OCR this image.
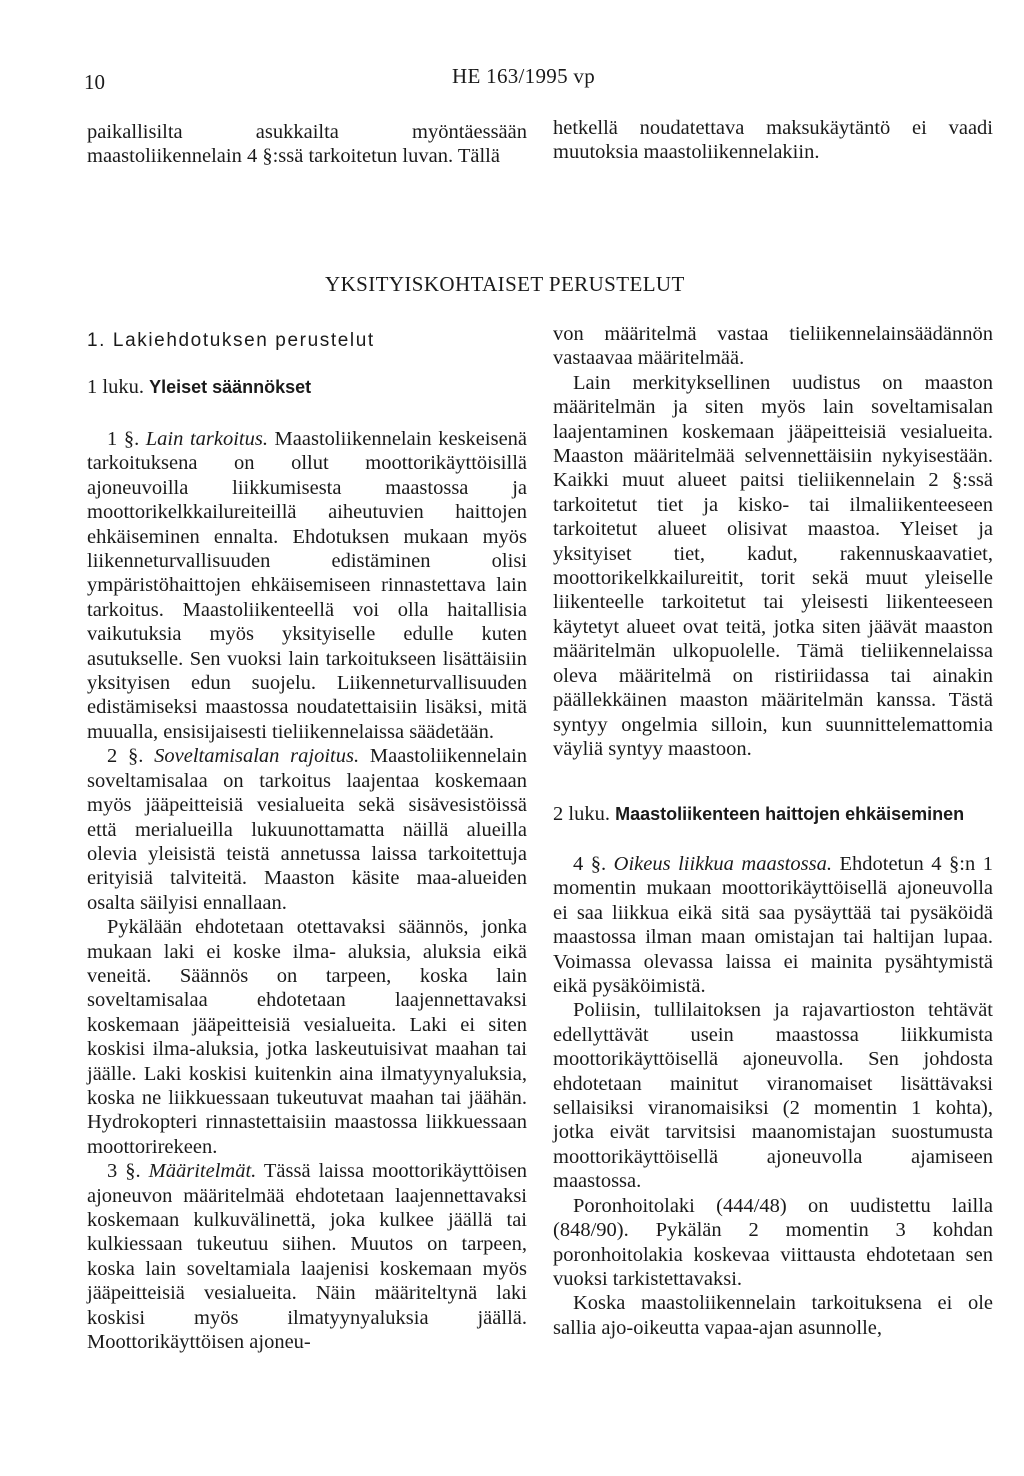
10	HE 163/1995 vp

paikallisilta asukkailta myöntäessään maastoliikennelain 4 §:ssä tarkoitetun luvan. Tällä

hetkellä noudatettava maksukäytäntö ei vaadi muutoksia maastoliikennelakiin.

YKSITYISKOHTAISET PERUSTELUT
1. Lakiehdotuksen perustelut
1 luku. Yleiset säännökset

1 §. Lain tarkoitus. Maastoliikennelain keskeisenä tarkoituksena on ollut moottorikäyttöisillä ajoneuvoilla liikkumisesta maastossa ja moottorikelkkailureiteillä aiheutuvien haittojen ehkäiseminen ennalta. Ehdotuksen mukaan myös liikenneturvallisuuden edistäminen olisi ympäristöhaittojen ehkäisemiseen rinnastettava lain tarkoitus. Maastoliikenteellä voi olla haitallisia vaikutuksia myös yksityiselle edulle kuten asutukselle. Sen vuoksi lain tarkoitukseen lisättäisiin yksityisen edun suojelu. Liikenneturvallisuuden edistämiseksi maastossa noudatettaisiin lisäksi, mitä muualla, ensisijaisesti tieliikennelaissa säädetään.

2 §. Soveltamisalan rajoitus. Maastoliikennelain soveltamisalaa on tarkoitus laajentaa koskemaan myös jääpeitteisiä vesialueita sekä sisävesistöissä että merialueilla lukuunottamatta näillä alueilla olevia yleisistä teistä annetussa laissa tarkoitettuja erityisiä talviteitä. Maaston käsite maa-alueiden osalta säilyisi ennallaan.

Pykälään ehdotetaan otettavaksi säännös, jonka mukaan laki ei koske ilma- aluksia, aluksia eikä veneitä. Säännös on tarpeen, koska lain soveltamisalaa ehdotetaan laajennettavaksi koskemaan jääpeitteisiä vesialueita. Laki ei siten koskisi ilma-aluksia, jotka laskeutuisivat maahan tai jäälle. Laki koskisi kuitenkin aina ilmatyynyaluksia, koska ne liikkuessaan tukeutuvat maahan tai jäähän. Hydrokopteri rinnastettaisiin maastossa liikkuessaan moottorirekeen.

3 §. Määritelmät. Tässä laissa moottorikäyttöisen ajoneuvon määritelmää ehdotetaan laajennettavaksi koskemaan kulkuvälinettä, joka kulkee jäällä tai kulkiessaan tukeutuu siihen. Muutos on tarpeen, koska lain soveltamiala laajenisi koskemaan myös jääpeitteisiä vesialueita. Näin määriteltynä laki koskisi myös ilmatyynyaluksia jäällä. Moottorikäyttöisen ajoneu-

von määritelmä vastaa tieliikennelainsäädännön vastaavaa määritelmää.

Lain merkityksellinen uudistus on maaston määritelmän ja siten myös lain soveltamisalan laajentaminen koskemaan jääpeitteisiä vesialueita. Maaston määritelmää selvennettäisiin nykyisestään. Kaikki muut alueet paitsi tieliikennelain 2 §:ssä tarkoitetut tiet ja kisko- tai ilmaliikenteeseen tarkoitetut alueet olisivat maastoa. Yleiset ja yksityiset tiet, kadut, rakennuskaavatiet, moottorikelkkailureitit, torit sekä muut yleiselle liikenteelle tarkoitetut tai yleisesti liikenteeseen käytetyt alueet ovat teitä, jotka siten jäävät maaston määritelmän ulkopuolelle. Tämä tieliikennelaissa oleva määritelmä on ristiriidassa tai ainakin päällekkäinen maaston määritelmän kanssa. Tästä syntyy ongelmia silloin, kun suunnittelemattomia väyliä syntyy maastoon.

2 luku. Maastoliikenteen haittojen ehkäiseminen

4 §. Oikeus liikkua maastossa. Ehdotetun 4 §:n 1 momentin mukaan moottorikäyttöisellä ajoneuvolla ei saa liikkua eikä sitä saa pysäyttää tai pysäköidä maastossa ilman maan omistajan tai haltijan lupaa. Voimassa olevassa laissa ei mainita pysähtymistä eikä pysäköimistä.

Poliisin, tullilaitoksen ja rajavartioston tehtävät edellyttävät usein maastossa liikkumista moottorikäyttöisellä ajoneuvolla. Sen johdosta ehdotetaan mainitut viranomaiset lisättävaksi sellaisiksi viranomaisiksi (2 momentin 1 kohta), jotka eivät tarvitsisi maanomistajan suostumusta moottorikäyttöisellä ajoneuvolla ajamiseen maastossa.

Poronhoitolaki (444/48) on uudistettu lailla (848/90). Pykälän 2 momentin 3 kohdan poronhoitolakia koskevaa viittausta ehdotetaan sen vuoksi tarkistettavaksi.

Koska maastoliikennelain tarkoituksena ei ole sallia ajo-oikeutta vapaa-ajan asunnolle,
